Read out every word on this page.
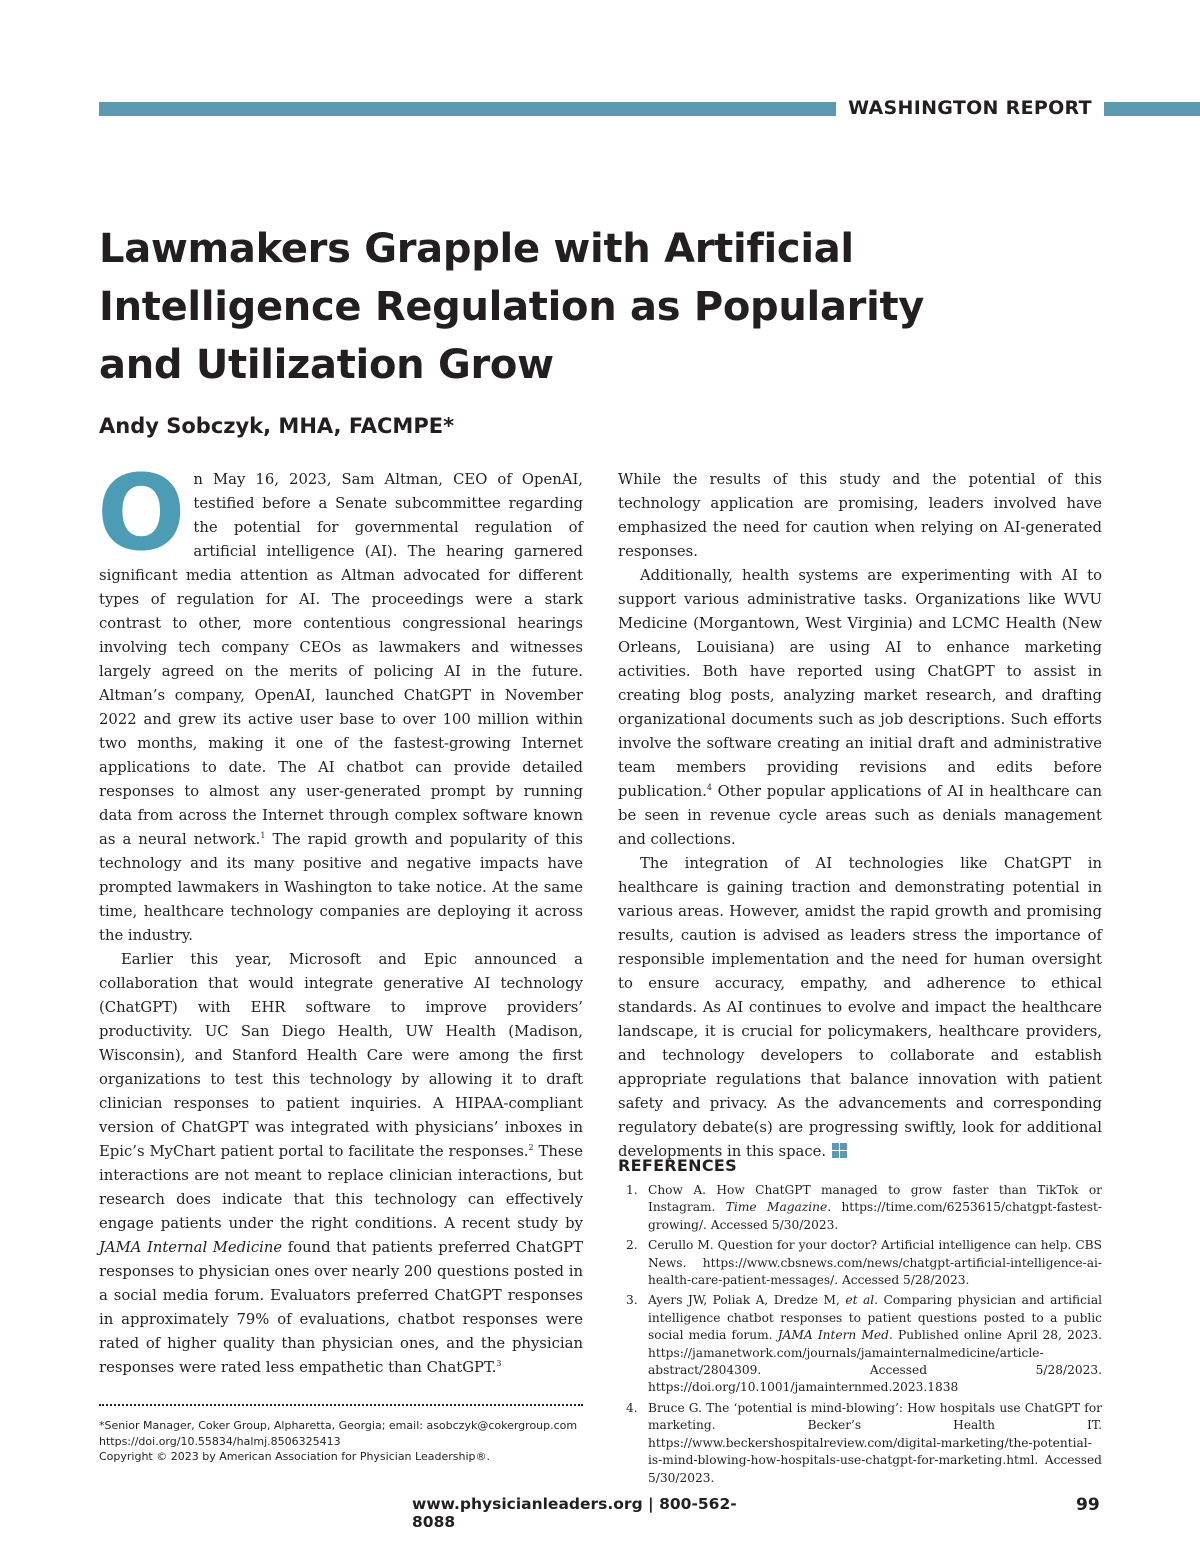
WASHINGTON REPORT
Lawmakers Grapple with Artificial Intelligence Regulation as Popularity and Utilization Grow
Andy Sobczyk, MHA, FACMPE*

On May 16, 2023, Sam Altman, CEO of OpenAI, testified before a Senate subcommittee regarding the potential for governmental regulation of artificial intelligence (AI). The hearing garnered significant media attention as Altman advocated for different types of regulation for AI. The proceedings were a stark contrast to other, more contentious congressional hearings involving tech company CEOs as lawmakers and witnesses largely agreed on the merits of policing AI in the future. Altman’s company, OpenAI, launched ChatGPT in November 2022 and grew its active user base to over 100 million within two months, making it one of the fastest-growing Internet applications to date. The AI chatbot can provide detailed responses to almost any user-generated prompt by running data from across the Internet through complex software known as a neural network.$^1$ The rapid growth and popularity of this technology and its many positive and negative impacts have prompted lawmakers in Washington to take notice. At the same time, healthcare technology companies are deploying it across the industry.

Earlier this year, Microsoft and Epic announced a collaboration that would integrate generative AI technology (ChatGPT) with EHR software to improve providers’ productivity. UC San Diego Health, UW Health (Madison, Wisconsin), and Stanford Health Care were among the first organizations to test this technology by allowing it to draft clinician responses to patient inquiries. A HIPAA-compliant version of ChatGPT was integrated with physicians’ inboxes in Epic’s MyChart patient portal to facilitate the responses.$^2$ These interactions are not meant to replace clinician interactions, but research does indicate that this technology can effectively engage patients under the right conditions. A recent study by JAMA Internal Medicine found that patients preferred ChatGPT responses to physician ones over nearly 200 questions posted in a social media forum. Evaluators preferred ChatGPT responses in approximately 79% of evaluations, chatbot responses were rated of higher quality than physician ones, and the physician responses were rated less empathetic than ChatGPT.$^3$

While the results of this study and the potential of this technology application are promising, leaders involved have emphasized the need for caution when relying on AI-generated responses.

Additionally, health systems are experimenting with AI to support various administrative tasks. Organizations like WVU Medicine (Morgantown, West Virginia) and LCMC Health (New Orleans, Louisiana) are using AI to enhance marketing activities. Both have reported using ChatGPT to assist in creating blog posts, analyzing market research, and drafting organizational documents such as job descriptions. Such efforts involve the software creating an initial draft and administrative team members providing revisions and edits before publication.$^4$ Other popular applications of AI in healthcare can be seen in revenue cycle areas such as denials management and collections.

The integration of AI technologies like ChatGPT in healthcare is gaining traction and demonstrating potential in various areas. However, amidst the rapid growth and promising results, caution is advised as leaders stress the importance of responsible implementation and the need for human oversight to ensure accuracy, empathy, and adherence to ethical standards. As AI continues to evolve and impact the healthcare landscape, it is crucial for policymakers, healthcare providers, and technology developers to collaborate and establish appropriate regulations that balance innovation with patient safety and privacy. As the advancements and corresponding regulatory debate(s) are progressing swiftly, look for additional developments in this space.

REFERENCES
1. Chow A. How ChatGPT managed to grow faster than TikTok or Instagram. Time Magazine. https://time.com/6253615/chatgpt-fastest-growing/. Accessed 5/30/2023.
2. Cerullo M. Question for your doctor? Artificial intelligence can help. CBS News. https://www.cbsnews.com/news/chatgpt-artificial-intelligence-ai-health-care-patient-messages/. Accessed 5/28/2023.
3. Ayers JW, Poliak A, Dredze M, et al. Comparing physician and artificial intelligence chatbot responses to patient questions posted to a public social media forum. JAMA Intern Med. Published online April 28, 2023. https://jamanetwork.com/journals/jamainternalmedicine/article-abstract/2804309. Accessed 5/28/2023. https://doi.org/10.1001/jamainternmed.2023.1838
4. Bruce G. The ‘potential is mind-blowing’: How hospitals use ChatGPT for marketing. Becker’s Health IT. https://www.beckershospitalreview.com/digital-marketing/the-potential-is-mind-blowing-how-hospitals-use-chatgpt-for-marketing.html. Accessed 5/30/2023.
*Senior Manager, Coker Group, Alpharetta, Georgia; email: asobczyk@cokergroup.com
https://doi.org/10.55834/halmj.8506325413
Copyright © 2023 by American Association for Physician Leadership®.
www.physicianleaders.org | 800-562-8088
99
